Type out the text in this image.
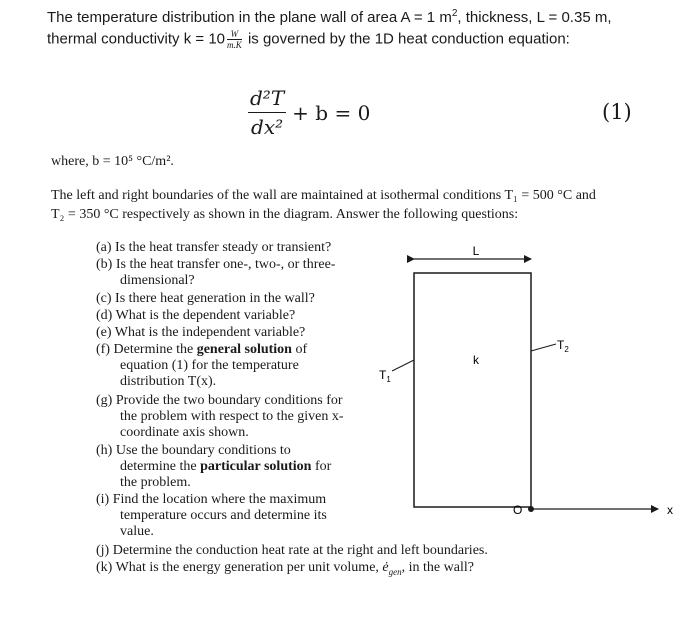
The temperature distribution in the plane wall of area A = 1 $m^2$, thickness, L = 0.35 m,
thermal conductivity $k = 10 \frac{W}{m.K}$ is governed by the 1D heat conduction equation:
$\frac{\text{d²T}}{\text{dx²}} + b = 0$	(1)
where, b = 10⁵ °C/m².
The left and right boundaries of the wall are maintained at isothermal conditions T₁ = 500 °C and
T₂ = 350 °C respectively as shown in the diagram. Answer the following questions:
(a) Is the heat transfer steady or transient?
(b) Is the heat transfer one-, two-, or three-
dimensional?
(c) Is there heat generation in the wall?
(d) What is the dependent variable?
(e) What is the independent variable?
(f) Determine the general solution of
equation (1) for the temperature
distribution T(x).
(g) Provide the two boundary conditions for
the problem with respect to the given x-
coordinate axis shown.
(h) Use the boundary conditions to
determine the particular solution for
the problem.
(i) Find the location where the maximum
temperature occurs and determine its
value.
(j) Determine the conduction heat rate at the right and left boundaries.
(k) What is the energy generation per unit volume, $ė_{gen}$, in the wall?
L
k
$T_1$
$T_2$
O	x
